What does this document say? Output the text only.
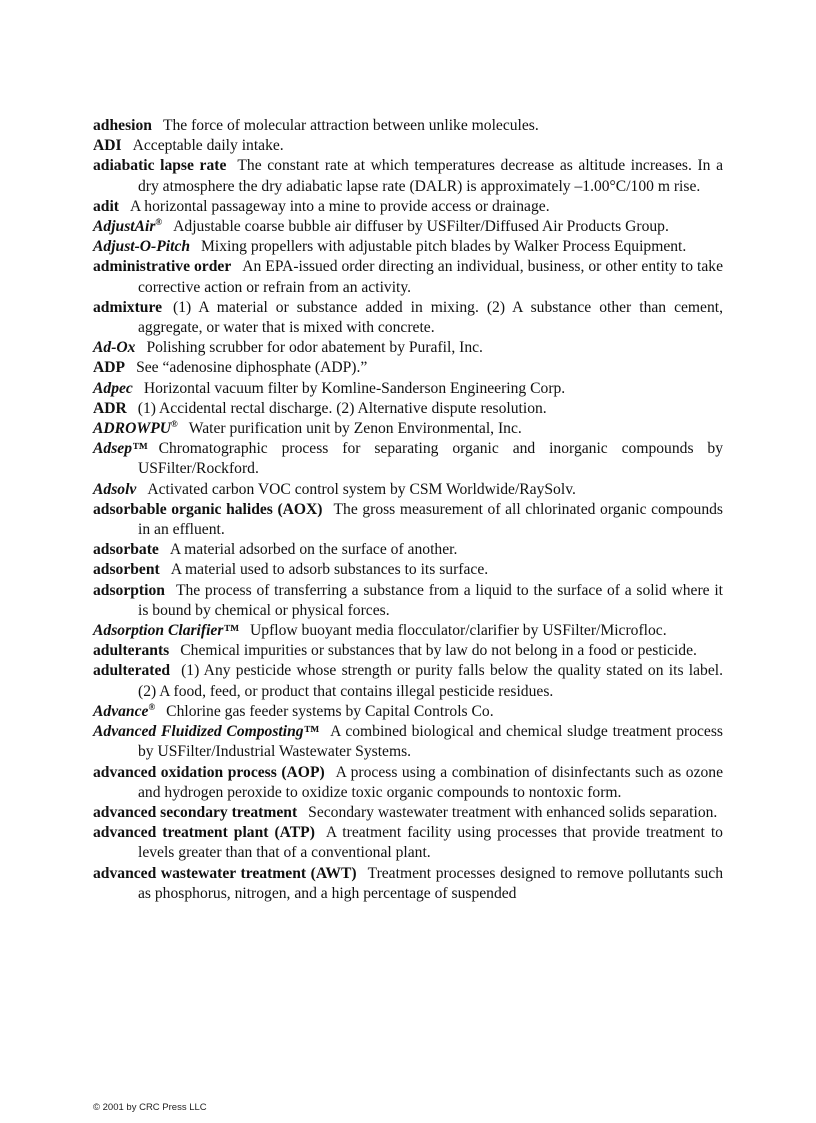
adhesion The force of molecular attraction between unlike molecules.

ADI Acceptable daily intake.

adiabatic lapse rate The constant rate at which temperatures decrease as altitude increases. In a dry atmosphere the dry adiabatic lapse rate (DALR) is approximately –1.00°C/100 m rise.

adit A horizontal passageway into a mine to provide access or drainage.

AdjustAir® Adjustable coarse bubble air diffuser by USFilter/Diffused Air Products Group.

Adjust-O-Pitch Mixing propellers with adjustable pitch blades by Walker Process Equipment.

administrative order An EPA-issued order directing an individual, business, or other entity to take corrective action or refrain from an activity.

admixture (1) A material or substance added in mixing. (2) A substance other than cement, aggregate, or water that is mixed with concrete.

Ad-Ox Polishing scrubber for odor abatement by Purafil, Inc.

ADP See “adenosine diphosphate (ADP).”

Adpec Horizontal vacuum filter by Komline-Sanderson Engineering Corp.

ADR (1) Accidental rectal discharge. (2) Alternative dispute resolution.

ADROWPU® Water purification unit by Zenon Environmental, Inc.

Adsep™ Chromatographic process for separating organic and inorganic compounds by USFilter/Rockford.

Adsolv Activated carbon VOC control system by CSM Worldwide/RaySolv.

adsorbable organic halides (AOX) The gross measurement of all chlorinated organic compounds in an effluent.

adsorbate A material adsorbed on the surface of another.

adsorbent A material used to adsorb substances to its surface.

adsorption The process of transferring a substance from a liquid to the surface of a solid where it is bound by chemical or physical forces.

Adsorption Clarifier™ Upflow buoyant media flocculator/clarifier by USFilter/Microfloc.

adulterants Chemical impurities or substances that by law do not belong in a food or pesticide.

adulterated (1) Any pesticide whose strength or purity falls below the quality stated on its label. (2) A food, feed, or product that contains illegal pesticide residues.

Advance® Chlorine gas feeder systems by Capital Controls Co.

Advanced Fluidized Composting™ A combined biological and chemical sludge treatment process by USFilter/Industrial Wastewater Systems.

advanced oxidation process (AOP) A process using a combination of disinfectants such as ozone and hydrogen peroxide to oxidize toxic organic compounds to nontoxic form.

advanced secondary treatment Secondary wastewater treatment with enhanced solids separation.

advanced treatment plant (ATP) A treatment facility using processes that provide treatment to levels greater than that of a conventional plant.

advanced wastewater treatment (AWT) Treatment processes designed to remove pollutants such as phosphorus, nitrogen, and a high percentage of suspended

© 2001 by CRC Press LLC
